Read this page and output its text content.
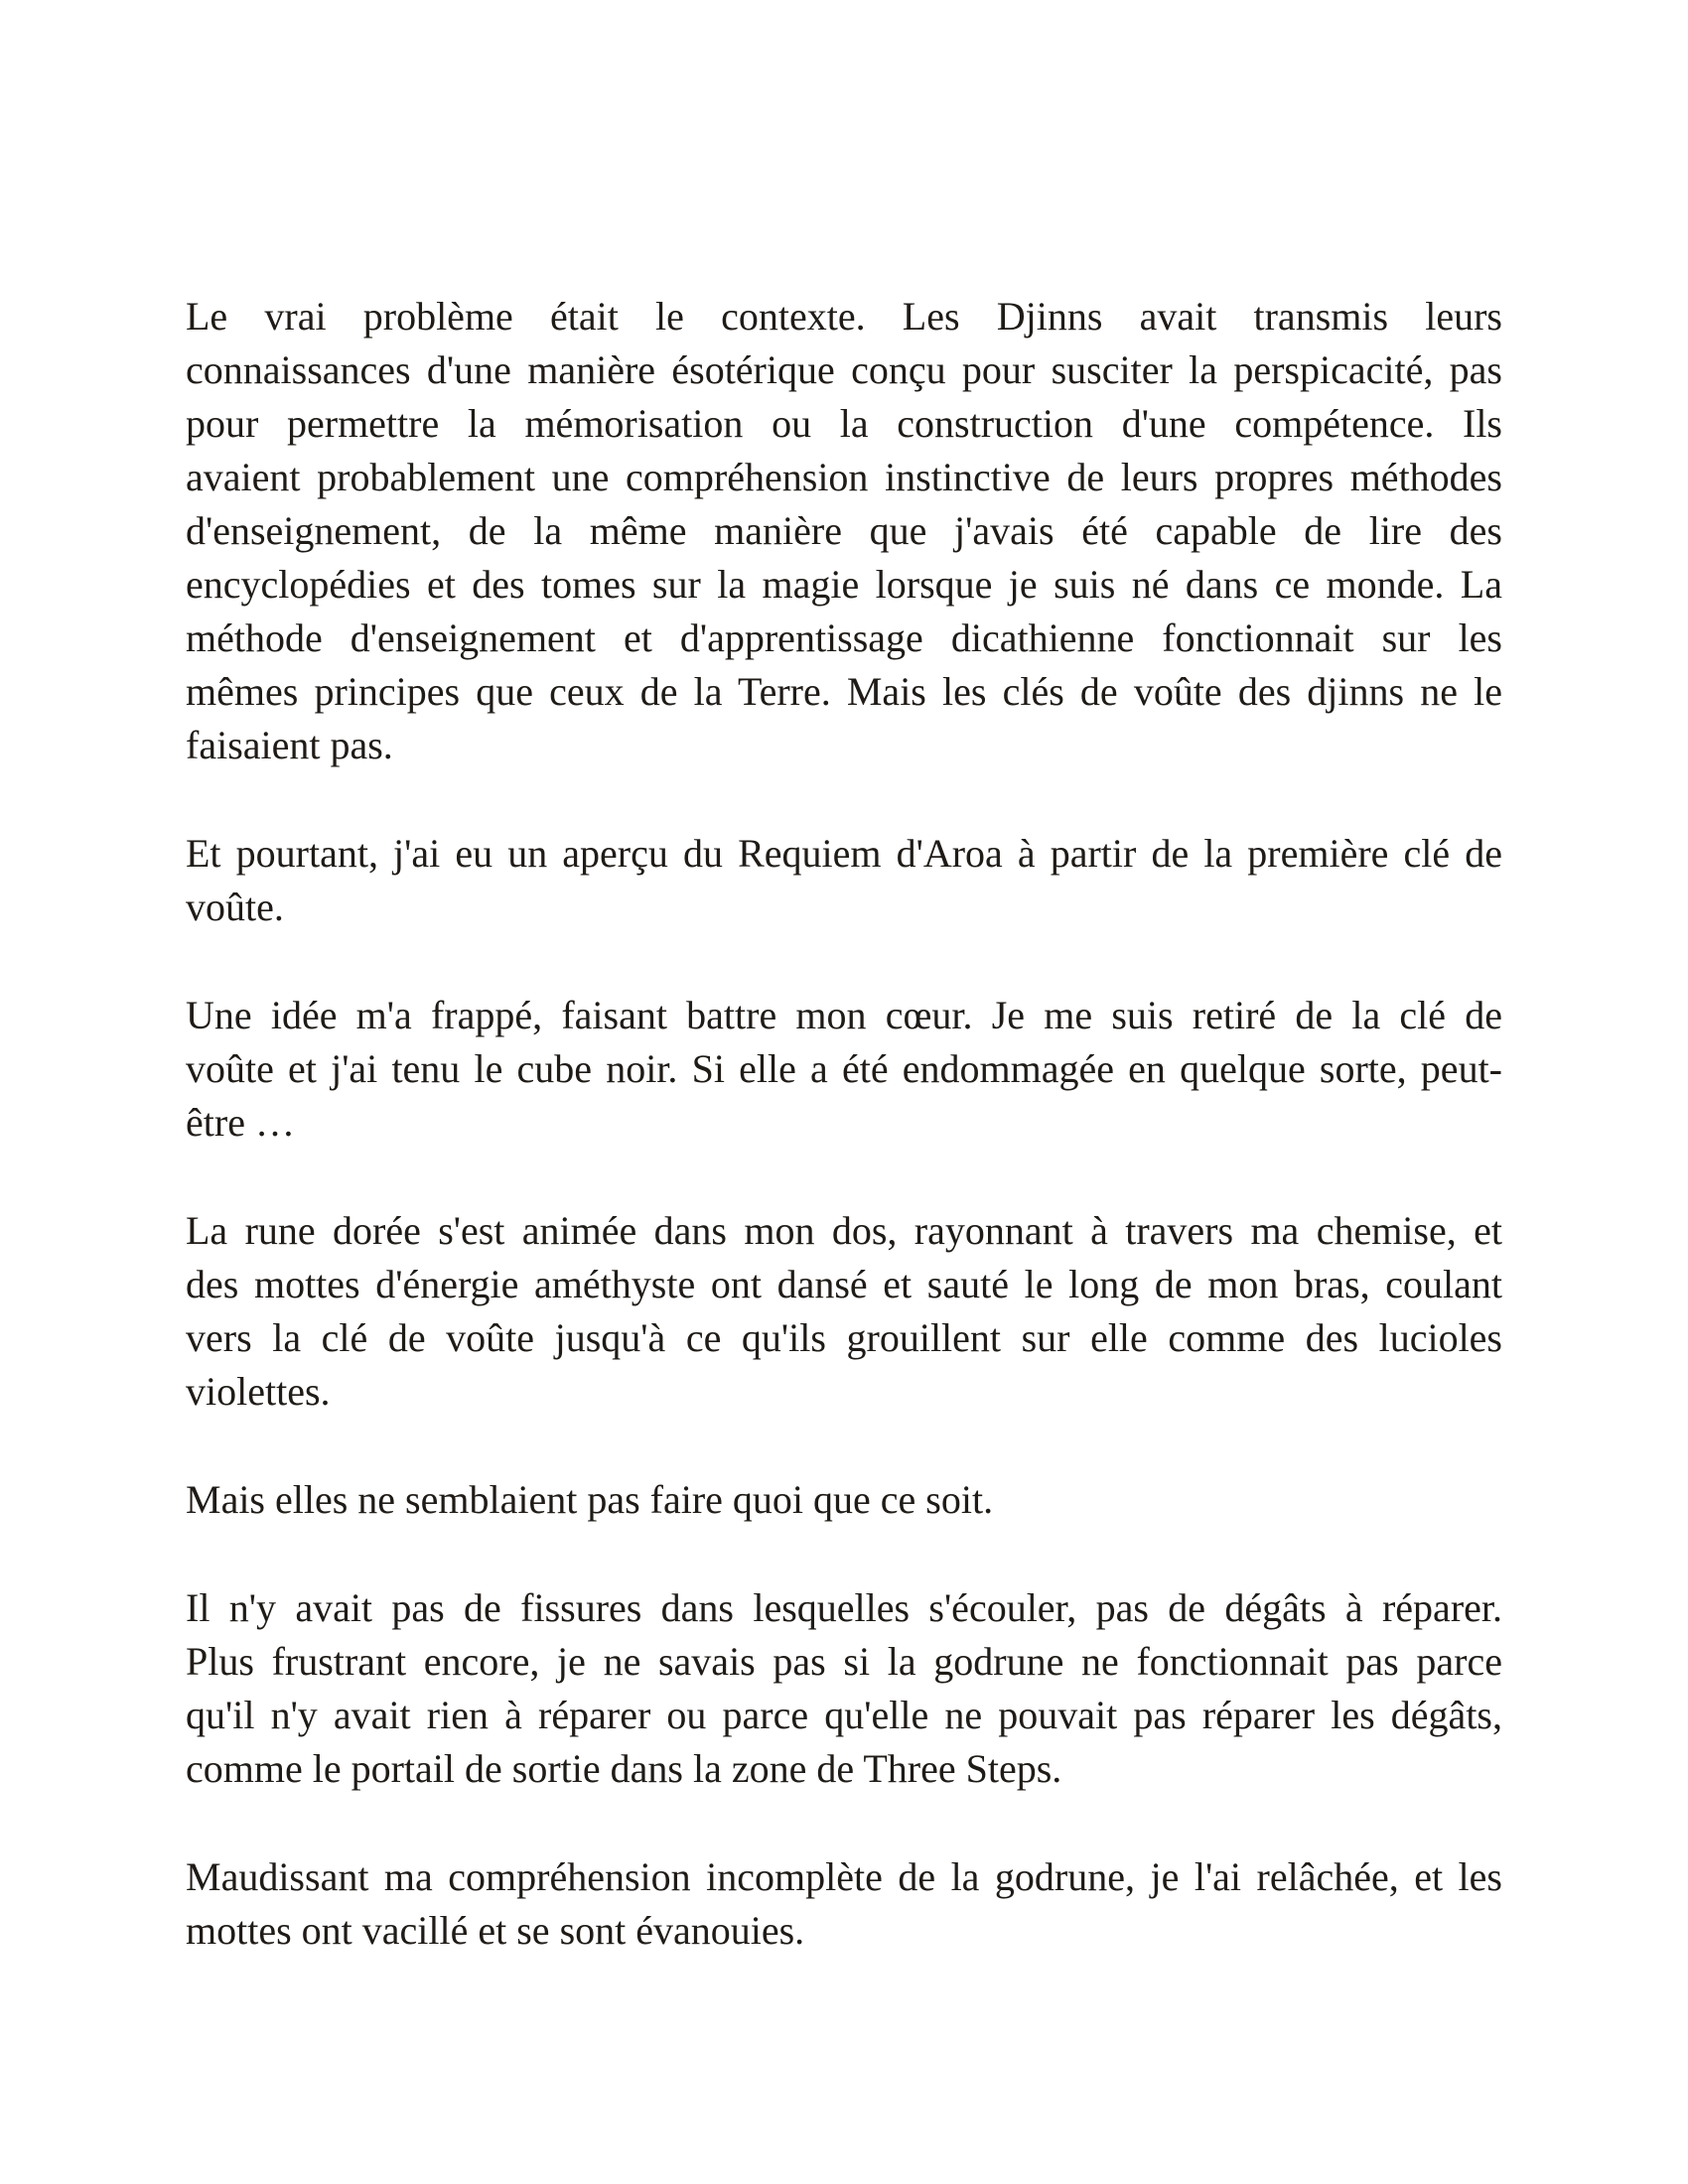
Le vrai problème était le contexte. Les Djinns avait transmis leurs
connaissances d'une manière ésotérique conçu pour susciter la perspicacité, pas
pour permettre la mémorisation ou la construction d'une compétence. Ils
avaient probablement une compréhension instinctive de leurs propres méthodes
d'enseignement, de la même manière que j'avais été capable de lire des
encyclopédies et des tomes sur la magie lorsque je suis né dans ce monde. La
méthode d'enseignement et d'apprentissage dicathienne fonctionnait sur les
mêmes principes que ceux de la Terre. Mais les clés de voûte des djinns ne le
faisaient pas.
Et pourtant, j'ai eu un aperçu du Requiem d'Aroa à partir de la première clé de
voûte.
Une idée m'a frappé, faisant battre mon cœur. Je me suis retiré de la clé de
voûte et j'ai tenu le cube noir. Si elle a été endommagée en quelque sorte, peut-
être …
La rune dorée s'est animée dans mon dos, rayonnant à travers ma chemise, et
des mottes d'énergie améthyste ont dansé et sauté le long de mon bras, coulant
vers la clé de voûte jusqu'à ce qu'ils grouillent sur elle comme des lucioles
violettes.
Mais elles ne semblaient pas faire quoi que ce soit.
Il n'y avait pas de fissures dans lesquelles s'écouler, pas de dégâts à réparer.
Plus frustrant encore, je ne savais pas si la godrune ne fonctionnait pas parce
qu'il n'y avait rien à réparer ou parce qu'elle ne pouvait pas réparer les dégâts,
comme le portail de sortie dans la zone de Three Steps.
Maudissant ma compréhension incomplète de la godrune, je l'ai relâchée, et les
mottes ont vacillé et se sont évanouies.
